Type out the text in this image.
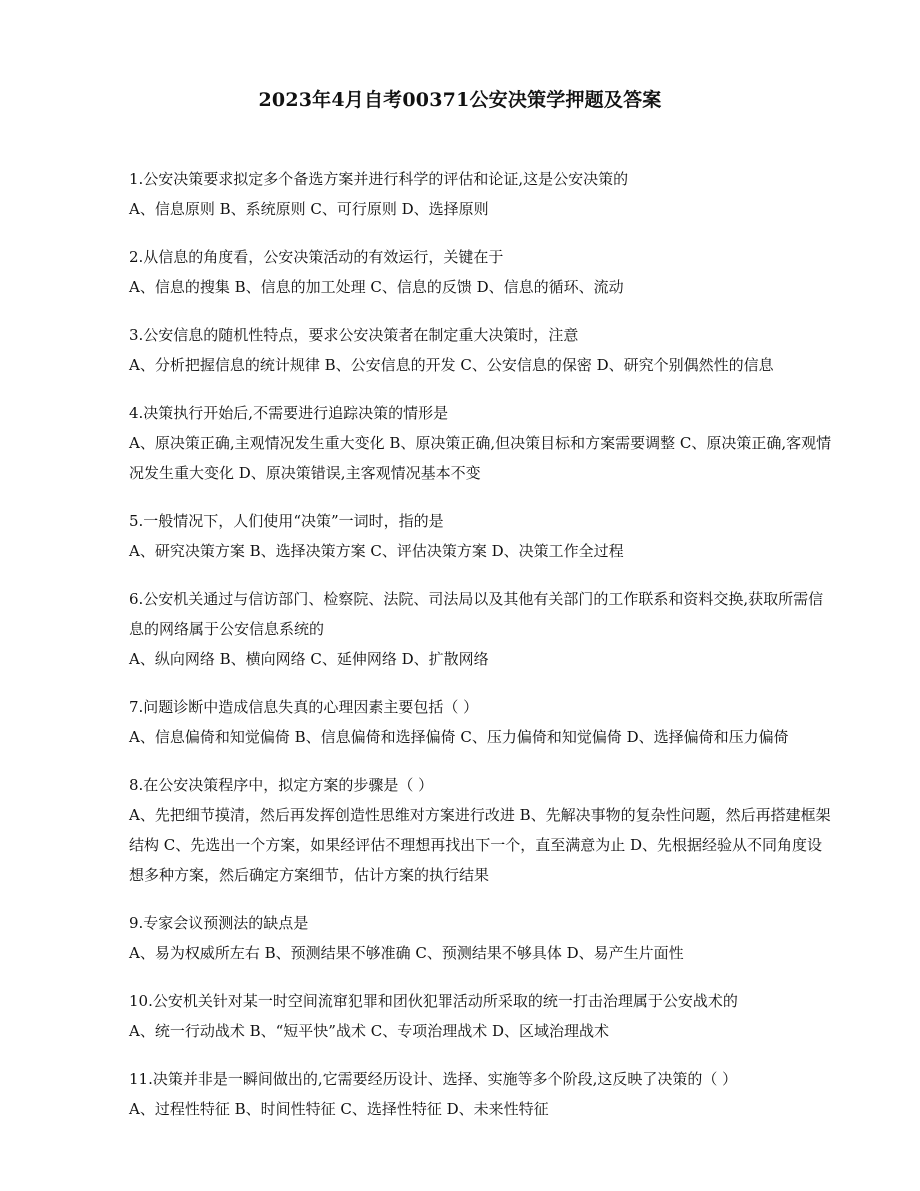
2023年4月自考00371公安决策学押题及答案

1.公安决策要求拟定多个备选方案并进行科学的评估和论证,这是公安决策的

A、信息原则 B、系统原则 C、可行原则 D、选择原则

2.从信息的角度看，公安决策活动的有效运行，关键在于

A、信息的搜集 B、信息的加工处理 C、信息的反馈 D、信息的循环、流动

3.公安信息的随机性特点，要求公安决策者在制定重大决策时，注意

A、分析把握信息的统计规律 B、公安信息的开发 C、公安信息的保密 D、研究个别偶然性的信息

4.决策执行开始后,不需要进行追踪决策的情形是

A、原决策正确,主观情况发生重大变化 B、原决策正确,但决策目标和方案需要调整 C、原决策正确,客观情况发生重大变化 D、原决策错误,主客观情况基本不变

5.一般情况下，人们使用“决策”一词时，指的是

A、研究决策方案 B、选择决策方案 C、评估决策方案 D、决策工作全过程

6.公安机关通过与信访部门、检察院、法院、司法局以及其他有关部门的工作联系和资料交换,获取所需信息的网络属于公安信息系统的

A、纵向网络 B、横向网络 C、延伸网络 D、扩散网络

7.问题诊断中造成信息失真的心理因素主要包括（ ）

A、信息偏倚和知觉偏倚 B、信息偏倚和选择偏倚 C、压力偏倚和知觉偏倚 D、选择偏倚和压力偏倚

8.在公安决策程序中，拟定方案的步骤是（ ）

A、先把细节摸清，然后再发挥创造性思维对方案进行改进 B、先解决事物的复杂性问题，然后再搭建框架结构 C、先选出一个方案，如果经评估不理想再找出下一个，直至满意为止 D、先根据经验从不同角度设想多种方案，然后确定方案细节，估计方案的执行结果

9.专家会议预测法的缺点是

A、易为权威所左右 B、预测结果不够准确 C、预测结果不够具体 D、易产生片面性

10.公安机关针对某一时空间流窜犯罪和团伙犯罪活动所采取的统一打击治理属于公安战术的

A、统一行动战术 B、“短平快”战术 C、专项治理战术 D、区域治理战术

11.决策并非是一瞬间做出的,它需要经历设计、选择、实施等多个阶段,这反映了决策的（ ）

A、过程性特征 B、时间性特征 C、选择性特征 D、未来性特征
